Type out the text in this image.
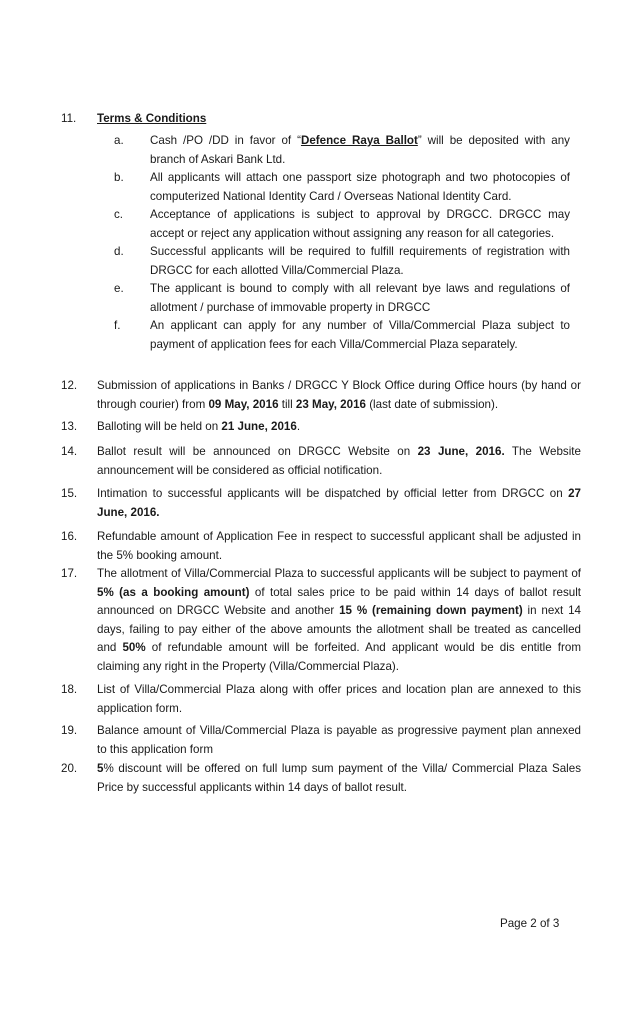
11.	Terms & Conditions
a.	Cash /PO /DD in favor of “Defence Raya Ballot” will be deposited with any branch of Askari Bank Ltd.
b.	All applicants will attach one passport size photograph and two photocopies of computerized National Identity Card / Overseas National Identity Card.
c.	Acceptance of applications is subject to approval by DRGCC. DRGCC may accept or reject any application without assigning any reason for all categories.
d.	Successful applicants will be required to fulfill requirements of registration with DRGCC for each allotted Villa/Commercial Plaza.
e.	The applicant is bound to comply with all relevant bye laws and regulations of allotment / purchase of immovable property in DRGCC
f.	An applicant can apply for any number of Villa/Commercial Plaza subject to payment of application fees for each Villa/Commercial Plaza separately.
12.	Submission of applications in Banks / DRGCC Y Block Office during Office hours (by hand or through courier) from 09 May, 2016 till 23 May, 2016 (last date of submission).
13.	Balloting will be held on 21 June, 2016.
14.	Ballot result will be announced on DRGCC Website on 23 June, 2016. The Website announcement will be considered as official notification.
15.	Intimation to successful applicants will be dispatched by official letter from DRGCC on 27 June, 2016.
16.	Refundable amount of Application Fee in respect to successful applicant shall be adjusted in the 5% booking amount.
17.	The allotment of Villa/Commercial Plaza to successful applicants will be subject to payment of 5% (as a booking amount) of total sales price to be paid within 14 days of ballot result announced on DRGCC Website and another 15 % (remaining down payment) in next 14 days, failing to pay either of the above amounts the allotment shall be treated as cancelled and 50% of refundable amount will be forfeited. And applicant would be dis entitle from claiming any right in the Property (Villa/Commercial Plaza).
18.	List of Villa/Commercial Plaza along with offer prices and location plan are annexed to this application form.
19.	Balance amount of Villa/Commercial Plaza is payable as progressive payment plan annexed to this application form
20.	5% discount will be offered on full lump sum payment of the Villa/ Commercial Plaza Sales Price by successful applicants within 14 days of ballot result.
Page 2 of 3
